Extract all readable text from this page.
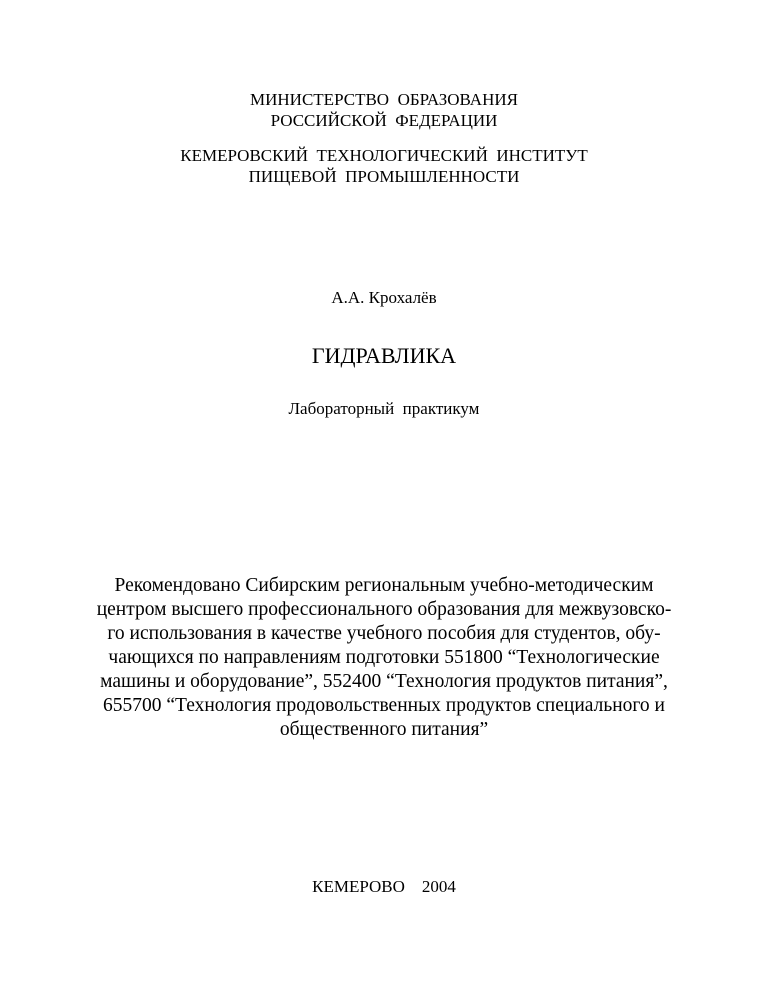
МИНИСТЕРСТВО  ОБРАЗОВАНИЯ
РОССИЙСКОЙ  ФЕДЕРАЦИИ
КЕМЕРОВСКИЙ  ТЕХНОЛОГИЧЕСКИЙ  ИНСТИТУТ
ПИЩЕВОЙ  ПРОМЫШЛЕННОСТИ
А.А. Крохалёв
ГИДРАВЛИКА
Лабораторный  практикум
Рекомендовано Сибирским региональным учебно-методическим
центром высшего профессионального образования для межвузовско-
го использования в качестве учебного пособия для студентов, обу-
чающихся по направлениям подготовки 551800 “Технологические
машины и оборудование”, 552400 “Технология продуктов питания”,
655700 “Технология продовольственных продуктов специального и
общественного питания”
КЕМЕРОВО    2004
